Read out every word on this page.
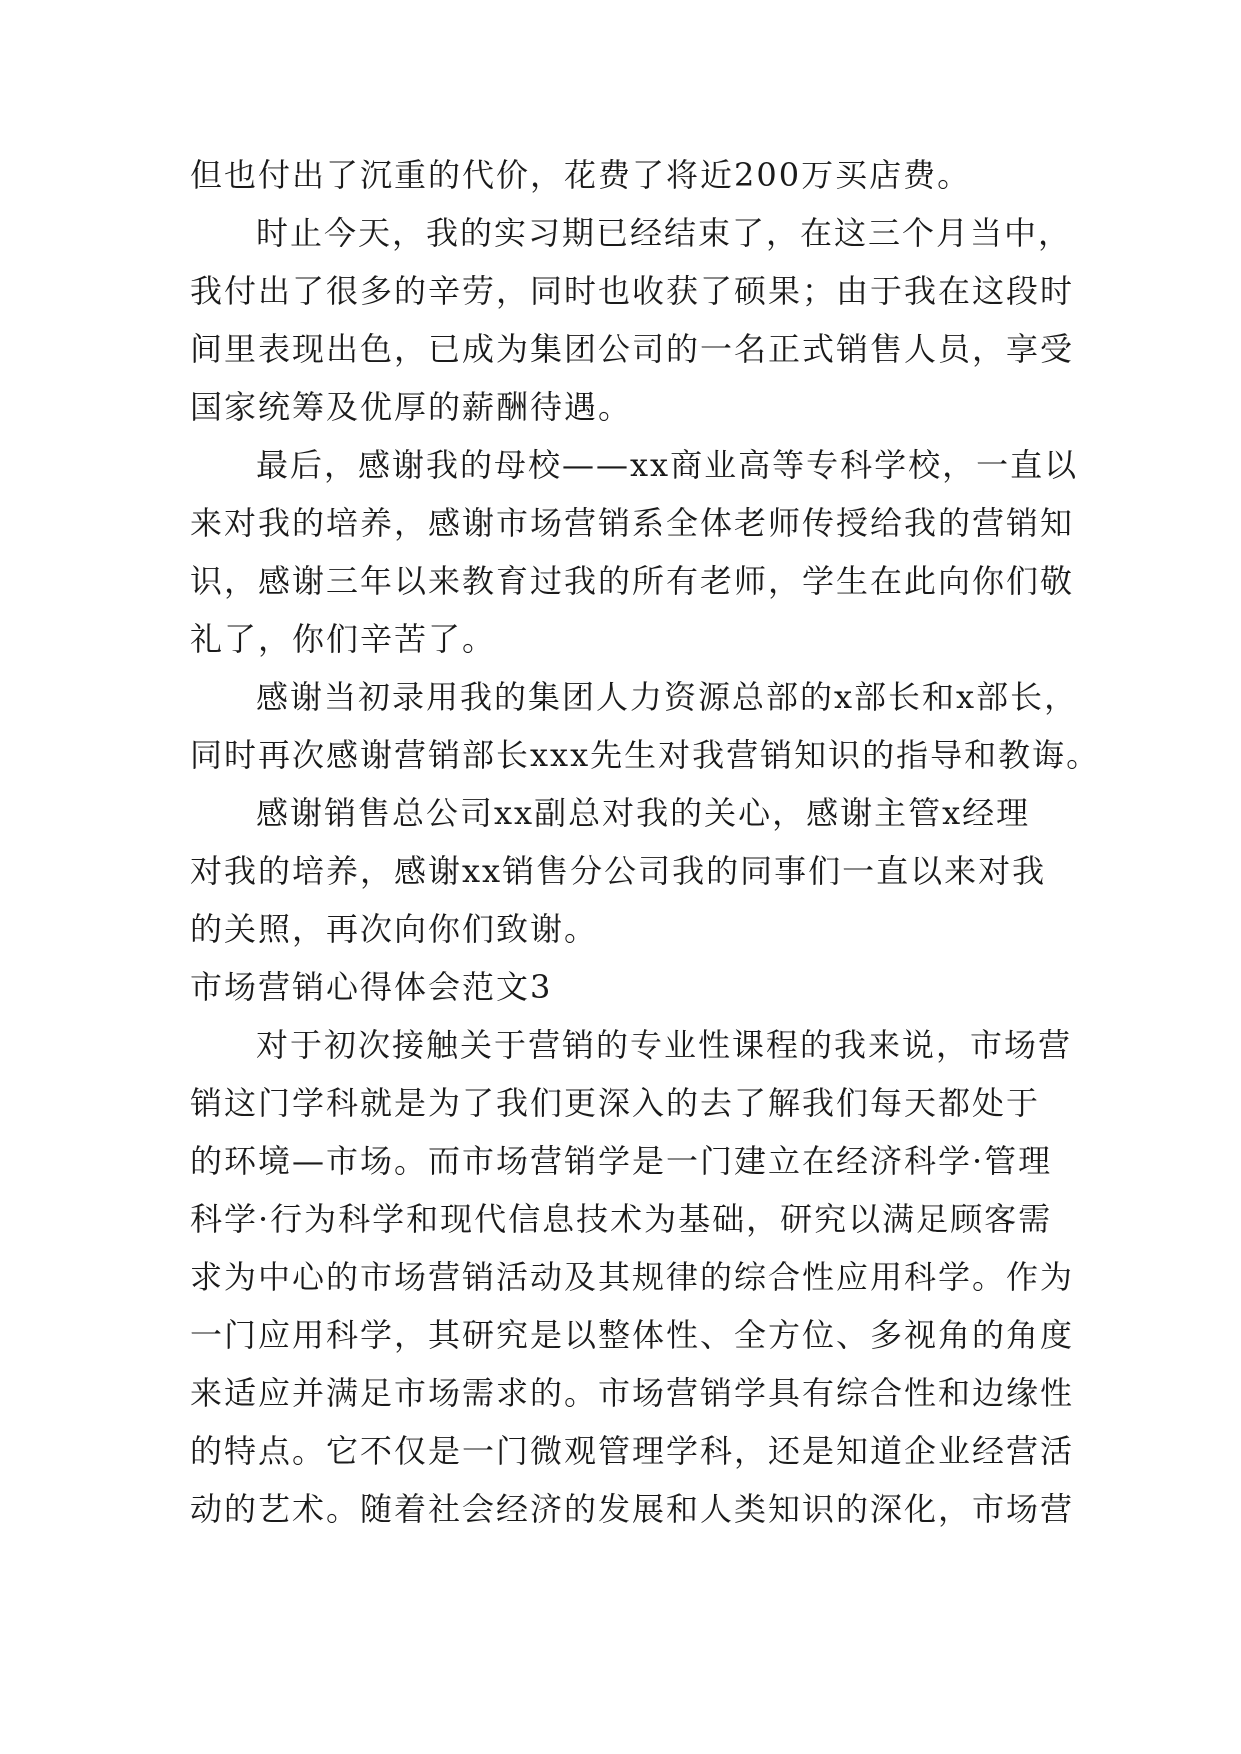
但也付出了沉重的代价，花费了将近200万买店费。
时止今天，我的实习期已经结束了，在这三个月当中，
我付出了很多的辛劳，同时也收获了硕果；由于我在这段时
间里表现出色，已成为集团公司的一名正式销售人员，享受
国家统筹及优厚的薪酬待遇。
最后，感谢我的母校——xx商业高等专科学校，一直以
来对我的培养，感谢市场营销系全体老师传授给我的营销知
识，感谢三年以来教育过我的所有老师，学生在此向你们敬
礼了，你们辛苦了。
感谢当初录用我的集团人力资源总部的x部长和x部长，
同时再次感谢营销部长xxx先生对我营销知识的指导和教诲。
感谢销售总公司xx副总对我的关心，感谢主管x经理
对我的培养，感谢xx销售分公司我的同事们一直以来对我
的关照，再次向你们致谢。
市场营销心得体会范文3
对于初次接触关于营销的专业性课程的我来说，市场营
销这门学科就是为了我们更深入的去了解我们每天都处于
的环境—市场。而市场营销学是一门建立在经济科学·管理
科学·行为科学和现代信息技术为基础，研究以满足顾客需
求为中心的市场营销活动及其规律的综合性应用科学。作为
一门应用科学，其研究是以整体性、全方位、多视角的角度
来适应并满足市场需求的。市场营销学具有综合性和边缘性
的特点。它不仅是一门微观管理学科，还是知道企业经营活
动的艺术。随着社会经济的发展和人类知识的深化，市场营
